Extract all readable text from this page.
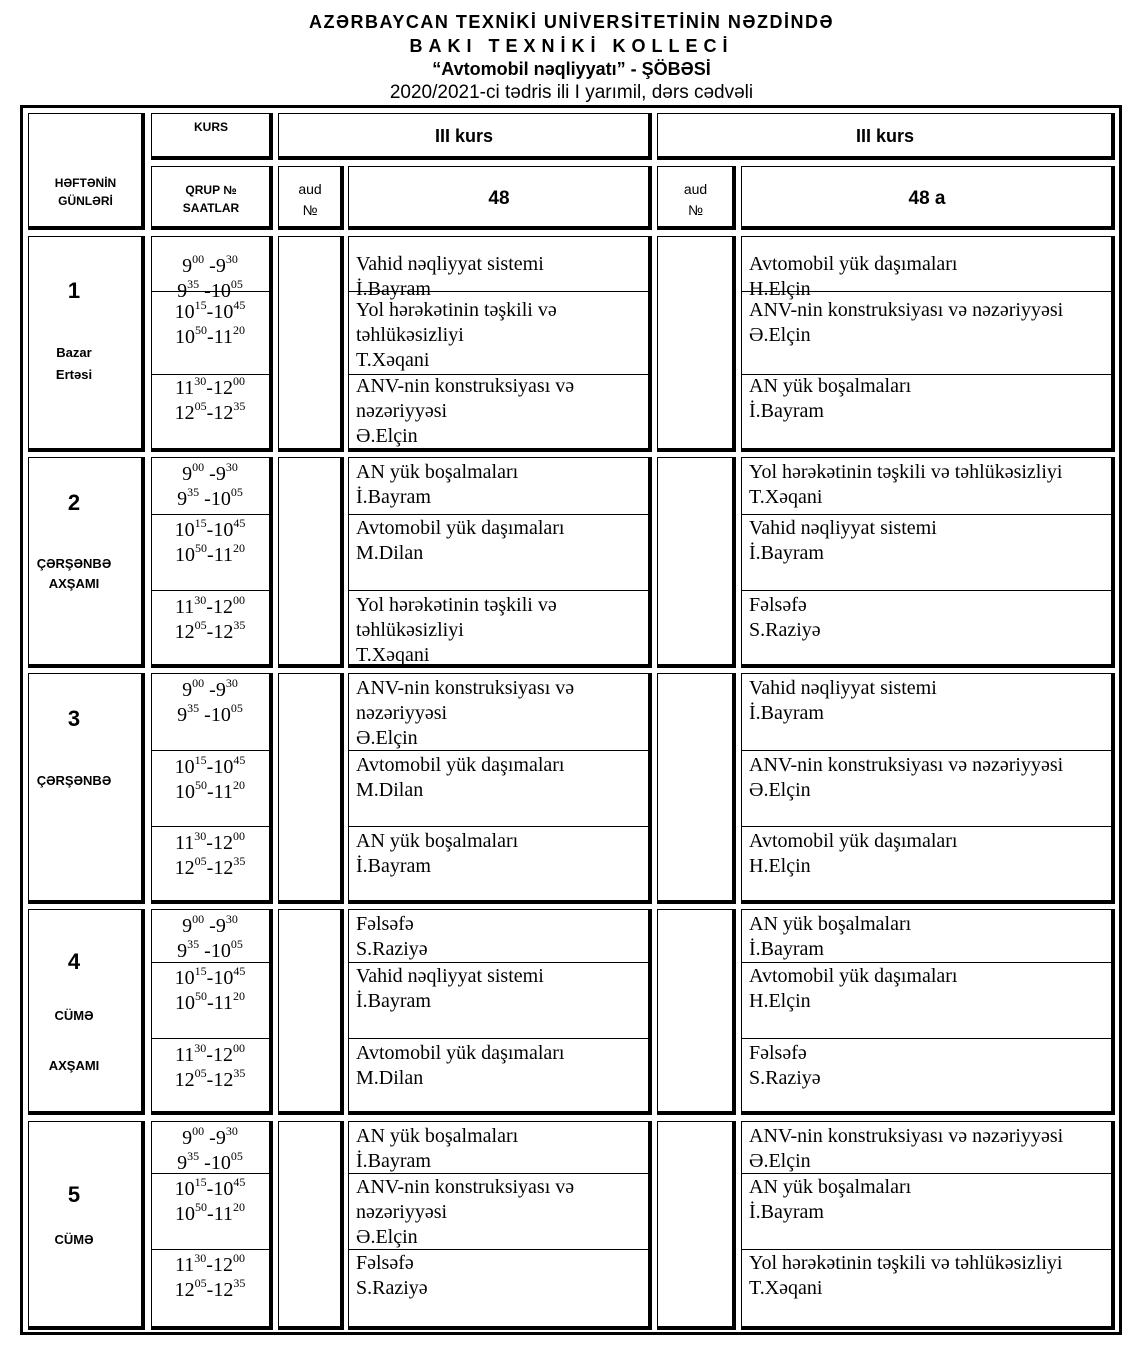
AZƏRBAYCAN TEXNİKİ UNİVERSİTETİNİN NƏZDİNDƏ
BAKI TEXNİKİ KOLLECİ
“Avtomobil nəqliyyatı” - ŞÖBƏSİ
2020/2021-ci tədris ili I yarımil, dərs cədvəli
HƏFTƏNİN
GÜNLƏRİ
KURS
QRUP №
SAATLAR
III kurs	III kurs
aud
№
48	aud
№
48 a
1
Bazar
Ertəsi
$9^{00}$ $-9^{30}$
$9^{35}$ $-10^{05}$
$10^{15}-10^{45}$
$10^{50}-11^{20}$
$11^{30}-12^{00}$
$12^{05}-12^{35}$
Vahid nəqliyyat sistemi
İ.Bayram
Yol hərəkətinin təşkili və
təhlükəsizliyi
T.Xəqani
ANV-nin konstruksiyası və
nəzəriyyəsi
Ə.Elçin
Avtomobil yük daşımaları
H.Elçin
ANV-nin konstruksiyası və nəzəriyyəsi
Ə.Elçin
AN yük boşalmaları
İ.Bayram
2
ÇƏRŞƏNBƏ
AXŞAMI
$9^{00}$ $-9^{30}$
$9^{35}$ $-10^{05}$
$10^{15}-10^{45}$
$10^{50}-11^{20}$
$11^{30}-12^{00}$
$12^{05}-12^{35}$
AN yük boşalmaları
İ.Bayram
Avtomobil yük daşımaları
M.Dilan
Yol hərəkətinin təşkili və
təhlükəsizliyi
T.Xəqani
Yol hərəkətinin təşkili və təhlükəsizliyi
T.Xəqani
Vahid nəqliyyat sistemi
İ.Bayram
Fəlsəfə
S.Raziyə
3
ÇƏRŞƏNBƏ
$9^{00}$ $-9^{30}$
$9^{35}$ $-10^{05}$
$10^{15}-10^{45}$
$10^{50}-11^{20}$
$11^{30}-12^{00}$
$12^{05}-12^{35}$
ANV-nin konstruksiyası və
nəzəriyyəsi
Ə.Elçin
Avtomobil yük daşımaları
M.Dilan
AN yük boşalmaları
İ.Bayram
Vahid nəqliyyat sistemi
İ.Bayram
ANV-nin konstruksiyası və nəzəriyyəsi
Ə.Elçin
Avtomobil yük daşımaları
H.Elçin
4
CÜMƏ
AXŞAMI
$9^{00}$ $-9^{30}$
$9^{35}$ $-10^{05}$
$10^{15}-10^{45}$
$10^{50}-11^{20}$
$11^{30}-12^{00}$
$12^{05}-12^{35}$
Fəlsəfə
S.Raziyə
Vahid nəqliyyat sistemi
İ.Bayram
Avtomobil yük daşımaları
M.Dilan
AN yük boşalmaları
İ.Bayram
Avtomobil yük daşımaları
H.Elçin
Fəlsəfə
S.Raziyə
5
CÜMƏ
$9^{00}$ $-9^{30}$
$9^{35}$ $-10^{05}$
$10^{15}-10^{45}$
$10^{50}-11^{20}$
$11^{30}-12^{00}$
$12^{05}-12^{35}$
AN yük boşalmaları
İ.Bayram
ANV-nin konstruksiyası və
nəzəriyyəsi
Ə.Elçin
Fəlsəfə
S.Raziyə
ANV-nin konstruksiyası və nəzəriyyəsi
Ə.Elçin
AN yük boşalmaları
İ.Bayram
Yol hərəkətinin təşkili və təhlükəsizliyi
T.Xəqani
